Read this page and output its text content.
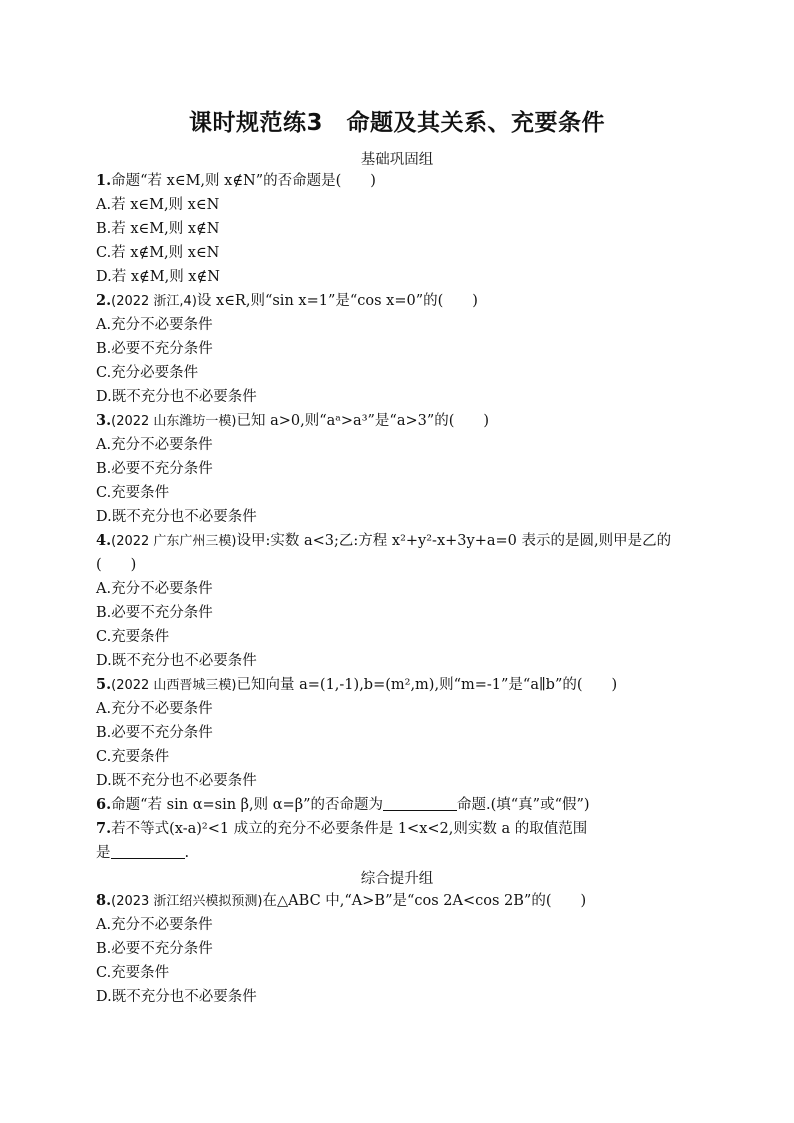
课时规范练3　命题及其关系、充要条件
基础巩固组
1.命题“若 x∈M,则 x∉N”的否命题是(　　)
A.若 x∈M,则 x∈N
B.若 x∈M,则 x∉N
C.若 x∉M,则 x∈N
D.若 x∉M,则 x∉N
2.(2022 浙江,4)设 x∈R,则“sin x=1”是“cos x=0”的(　　)
A.充分不必要条件
B.必要不充分条件
C.充分必要条件
D.既不充分也不必要条件
3.(2022 山东潍坊一模)已知 a>0,则“aᵃ>a³”是“a>3”的(　　)
A.充分不必要条件
B.必要不充分条件
C.充要条件
D.既不充分也不必要条件
4.(2022 广东广州三模)设甲:实数 a<3;乙:方程 x²+y²-x+3y+a=0 表示的是圆,则甲是乙的
(　　)
A.充分不必要条件
B.必要不充分条件
C.充要条件
D.既不充分也不必要条件
5.(2022 山西晋城三模)已知向量 a=(1,-1),b=(m²,m),则“m=-1”是“a∥b”的(　　)
A.充分不必要条件
B.必要不充分条件
C.充要条件
D.既不充分也不必要条件
6.命题“若 sin α=sin β,则 α=β”的否命题为	命题.(填“真”或“假”)
7.若不等式(x-a)²<1 成立的充分不必要条件是 1<x<2,则实数 a 的取值范围
是	.
综合提升组
8.(2023 浙江绍兴模拟预测)在△ABC 中,“A>B”是“cos 2A<cos 2B”的(　　)
A.充分不必要条件
B.必要不充分条件
C.充要条件
D.既不充分也不必要条件
